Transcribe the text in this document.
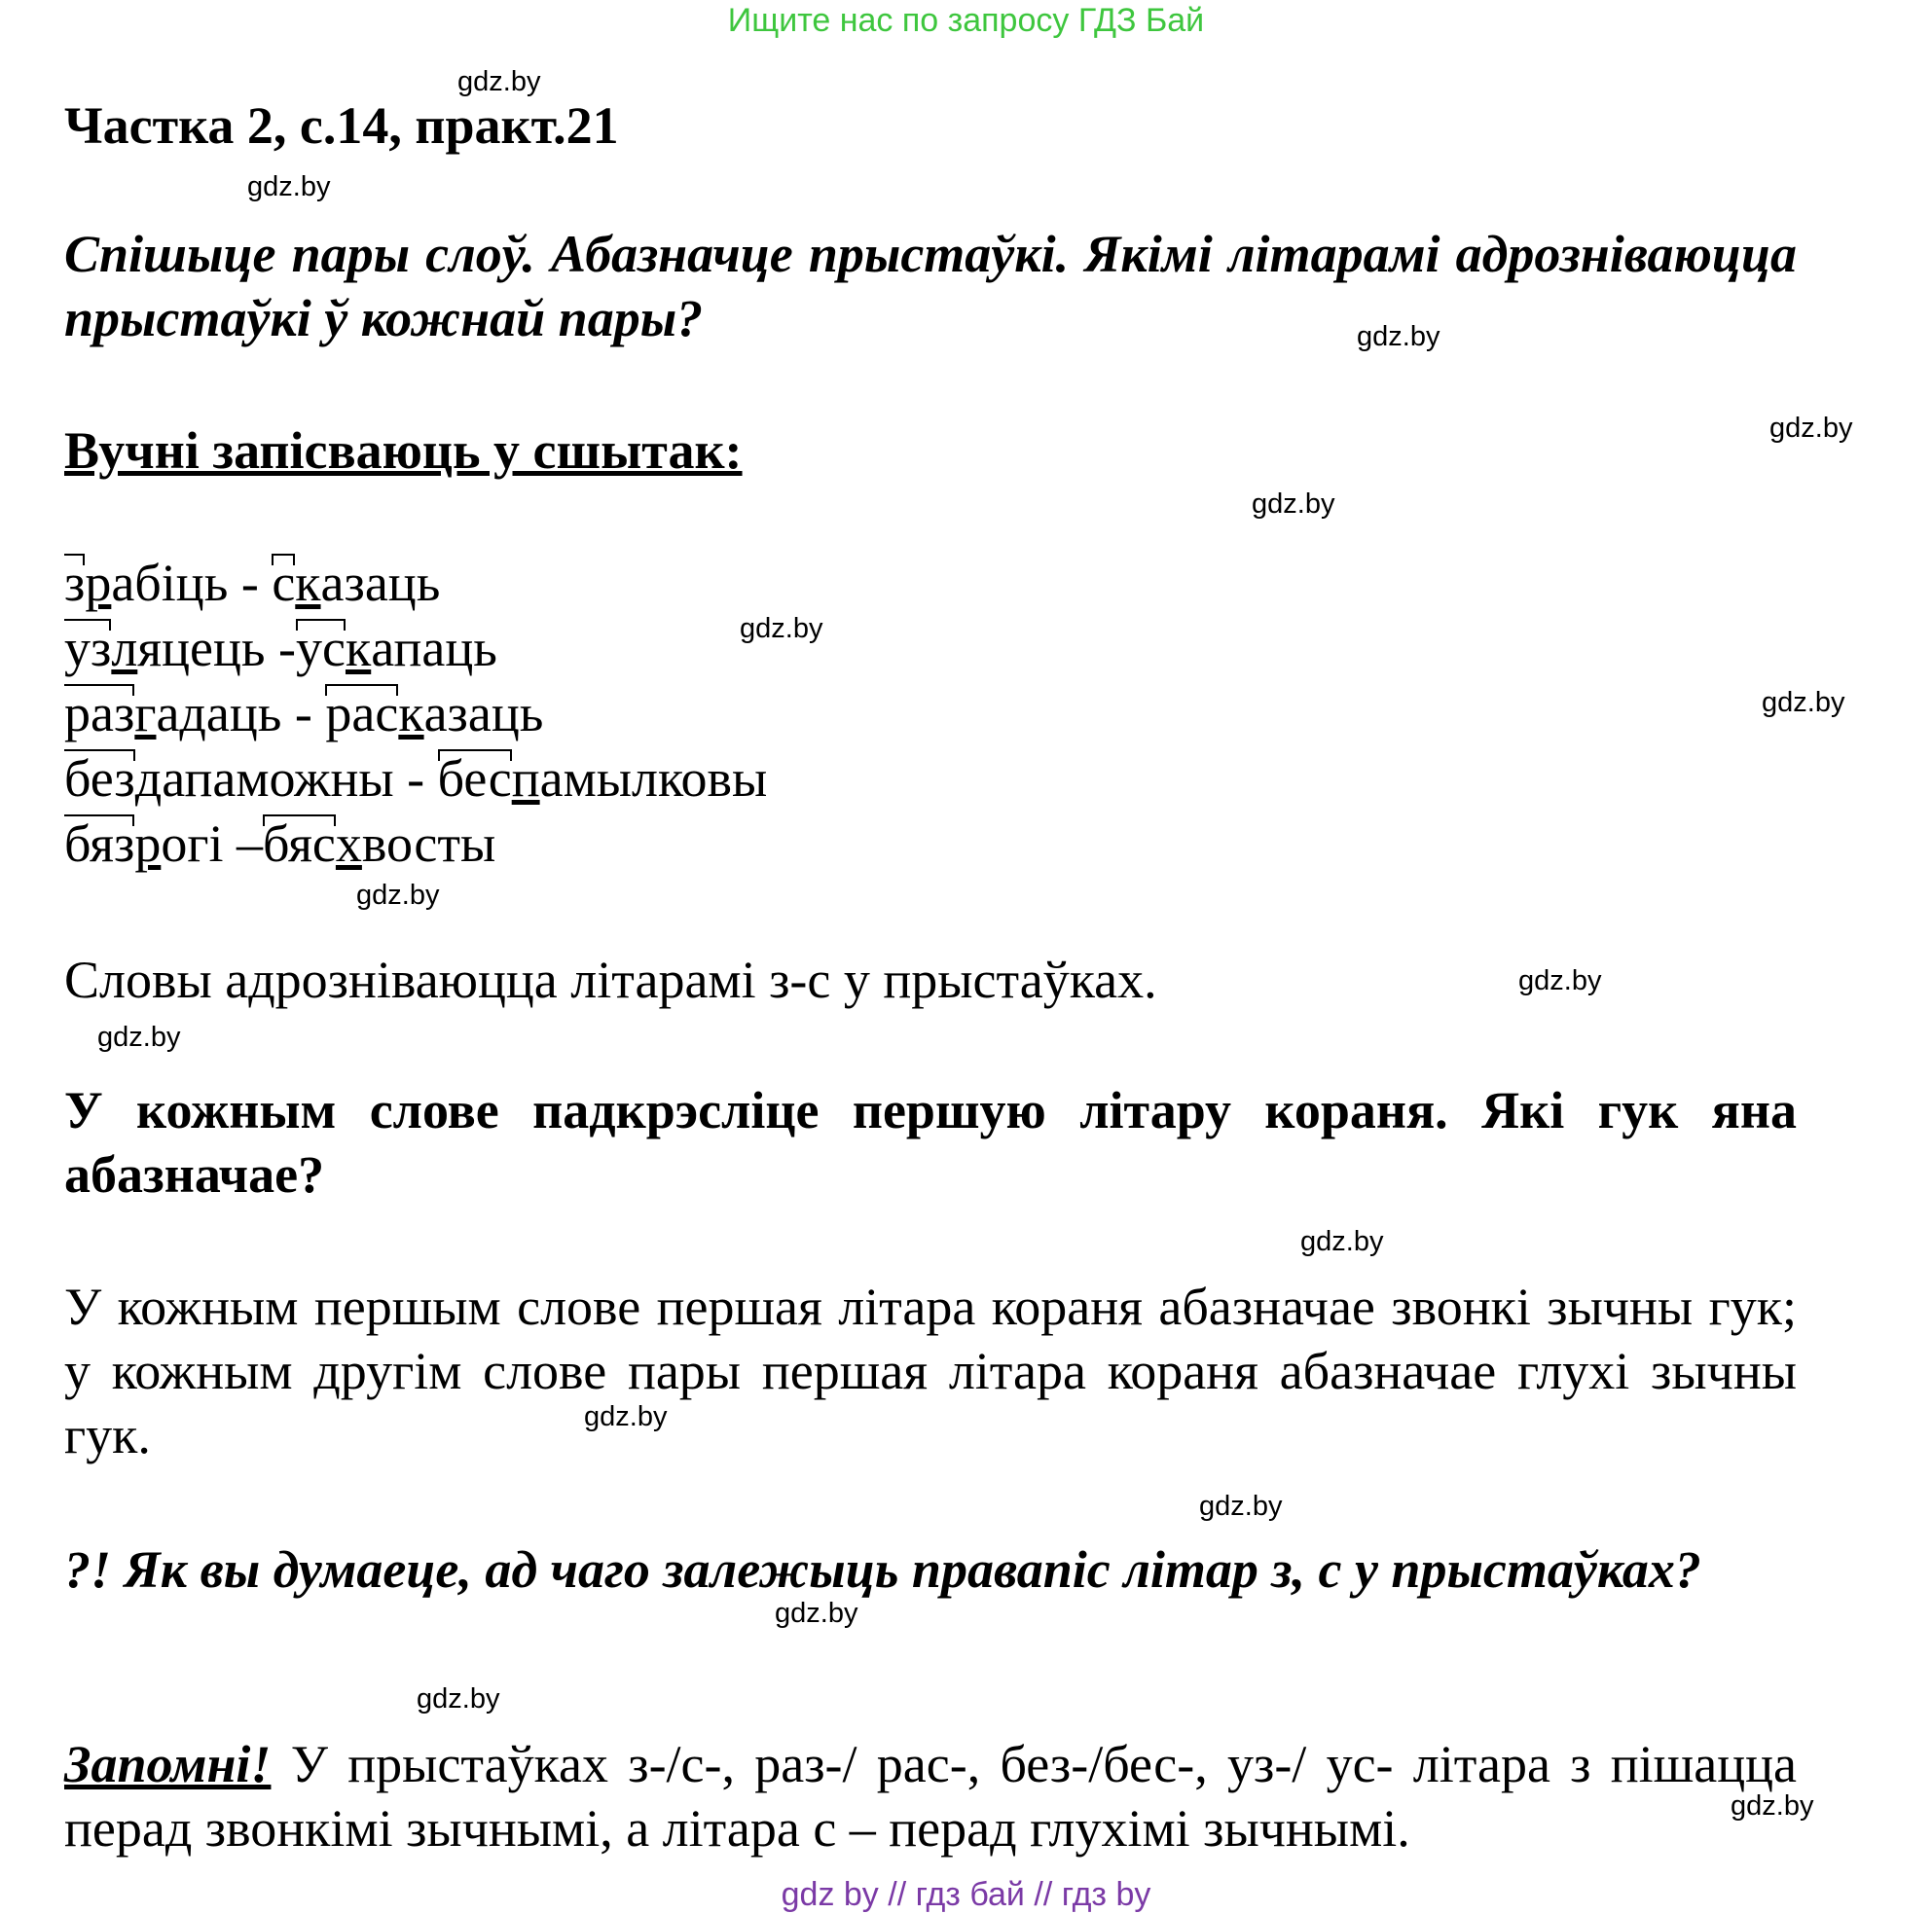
Ищите нас по запросу ГДЗ Бай
gdz.by
gdz.by
gdz.by
gdz.by
gdz.by
gdz.by
gdz.by
gdz.by
gdz.by
gdz.by
gdz.by
gdz.by
gdz.by
gdz.by
gdz.by
gdz.by
Частка 2, с.14, практ.21
Спішыце пары слоў. Абазначце прыстаўкі. Якімі літарамі адрозніваюцца прыстаўкі ў кожнай пары?
Вучні запісваюць у сшытак:
зрабіць - сказаць
узляцець -ускапаць
разгадаць - расказаць
бездапаможны - беспамылковы
бязрогі –бясхвосты
Словы адрозніваюцца літарамі з-с у прыстаўках.
У кожным слове падкрэсліце першую літару кораня. Які гук яна абазначае?
У кожным першым слове першая літара кораня абазначае звонкі зычны гук; у кожным другім слове пары першая літара кораня абазначае глухі зычны гук.
?! Як вы думаеце, ад чаго залежыць правапіс літар з, с у прыстаўках?
Запомні! У прыстаўках з-/с-, раз-/ рас-, без-/бес-, уз-/ ус- літара з пішацца перад звонкімі зычнымі, а літара с – перад глухімі зычнымі.
gdz by // гдз бай // гдз by
